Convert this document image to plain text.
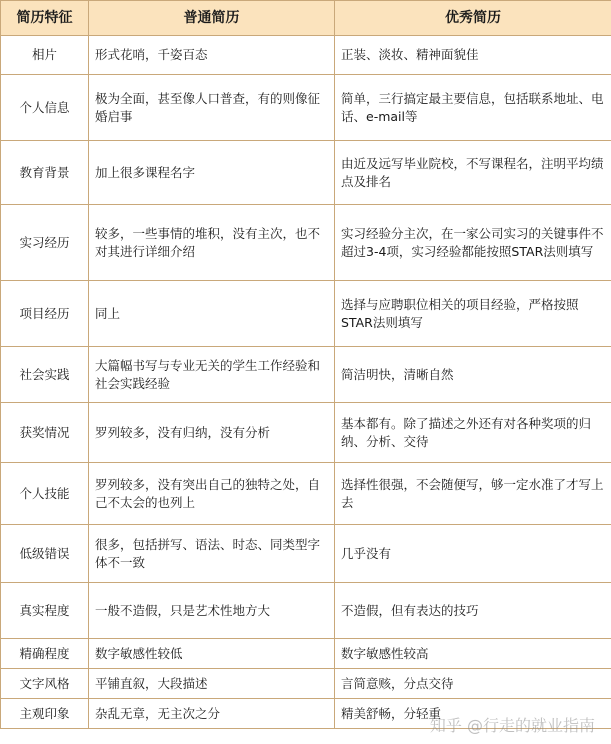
简历特征	普通简历	优秀简历
相片	形式花哨，千姿百态	正装、淡妆、精神面貌佳
个人信息	极为全面，甚至像人口普查，有的则像征婚启事	简单，三行搞定最主要信息，包括联系地址、电话、e-mail等
教育背景	加上很多课程名字	由近及远写毕业院校，不写课程名，注明平均绩点及排名
实习经历	较多，一些事情的堆积，没有主次，也不对其进行详细介绍	实习经验分主次，在一家公司实习的关键事件不超过3-4项，实习经验都能按照STAR法则填写
项目经历	同上	选择与应聘职位相关的项目经验，严格按照STAR法则填写
社会实践	大篇幅书写与专业无关的学生工作经验和社会实践经验	简洁明快，清晰自然
获奖情况	罗列较多，没有归纳，没有分析	基本都有。除了描述之外还有对各种奖项的归纳、分析、交待
个人技能	罗列较多，没有突出自己的独特之处，自己不太会的也列上	选择性很强，不会随便写，够一定水准了才写上去
低级错误	很多，包括拼写、语法、时态、同类型字体不一致	几乎没有
真实程度	一般不造假，只是艺术性地方大	不造假，但有表达的技巧
精确程度	数字敏感性较低	数字敏感性较高
文字风格	平铺直叙，大段描述	言简意赅，分点交待
主观印象	杂乱无章，无主次之分	精美舒畅，分轻重
知乎 @行走的就业指南
